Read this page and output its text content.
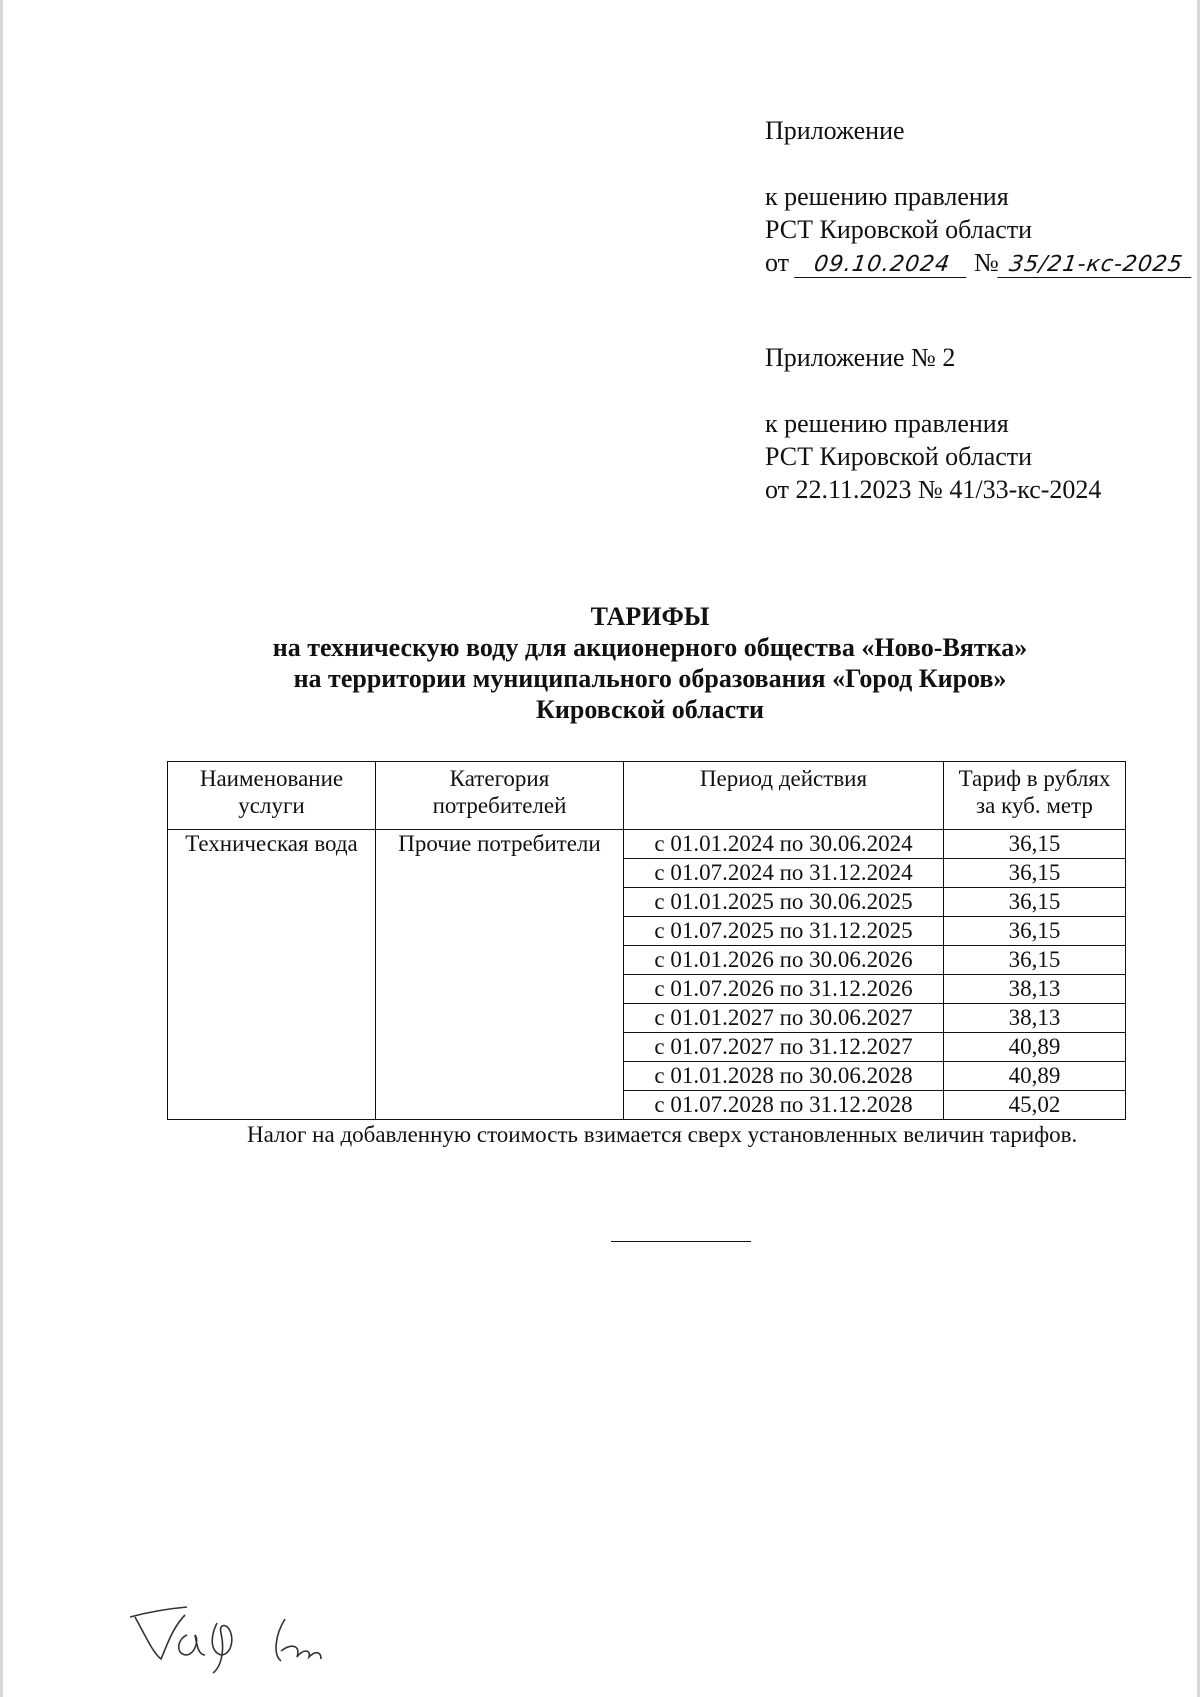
Приложение
к решению правления
РСТ Кировской области
от 09.10.2024 № 35/21-кс-2025
Приложение № 2
к решению правления
РСТ Кировской области
от 22.11.2023 № 41/33-кс-2024
ТАРИФЫ
на техническую воду для акционерного общества «Ново-Вятка»
на территории муниципального образования «Город Киров»
Кировской области
Наименование услуги	Категория потребителей	Период действия	Тариф в рублях за куб. метр
Техническая вода	Прочие потребители	с 01.01.2024 по 30.06.2024	36,15
		с 01.07.2024 по 31.12.2024	36,15
		с 01.01.2025 по 30.06.2025	36,15
		с 01.07.2025 по 31.12.2025	36,15
		с 01.01.2026 по 30.06.2026	36,15
		с 01.07.2026 по 31.12.2026	38,13
		с 01.01.2027 по 30.06.2027	38,13
		с 01.07.2027 по 31.12.2027	40,89
		с 01.01.2028 по 30.06.2028	40,89
		с 01.07.2028 по 31.12.2028	45,02
Налог на добавленную стоимость взимается сверх установленных величин тарифов.
